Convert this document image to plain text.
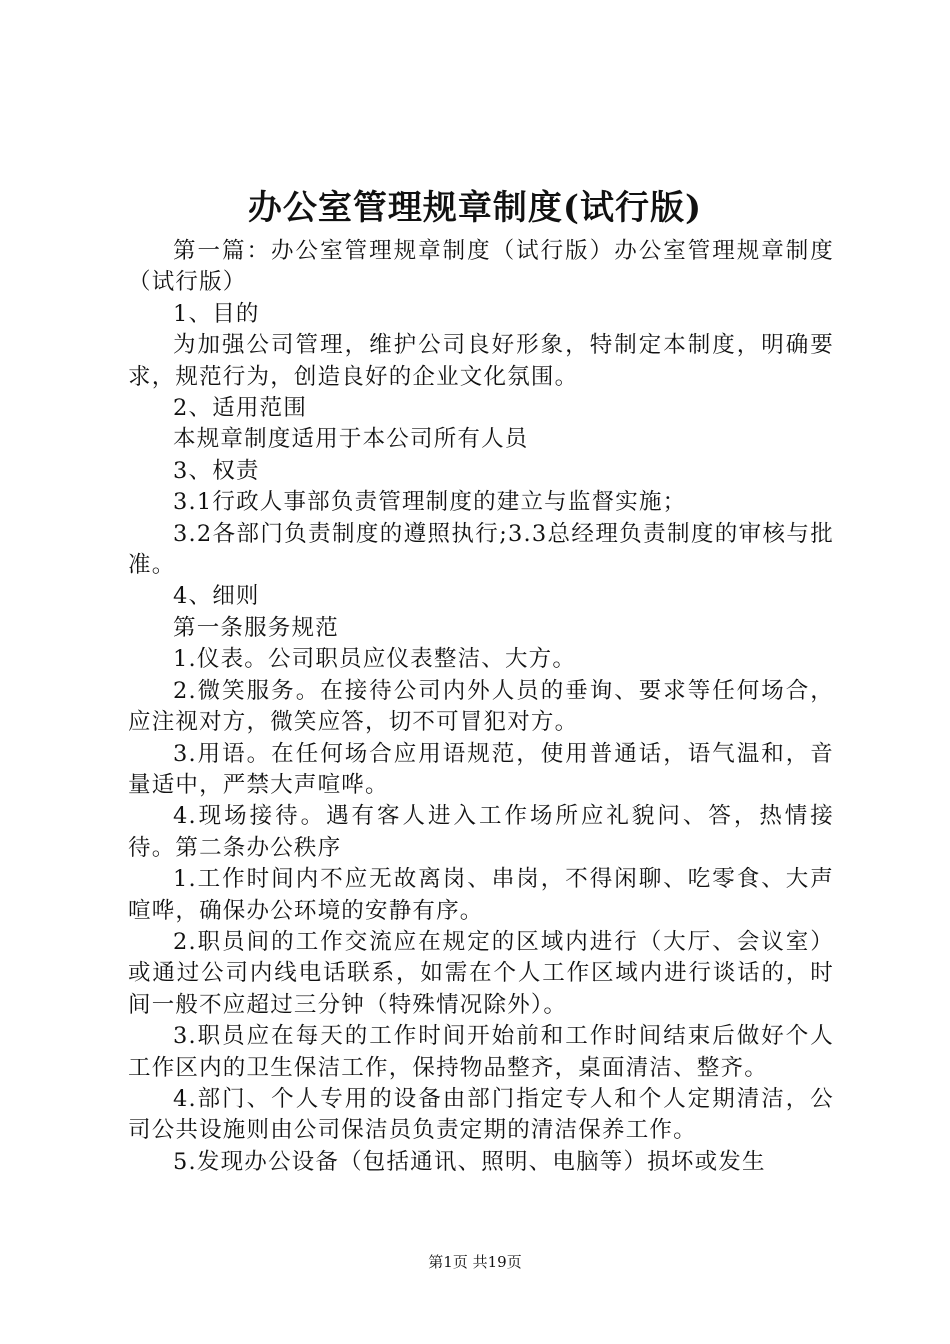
办公室管理规章制度(试行版)

第一篇：办公室管理规章制度（试行版）办公室管理规章制度（试行版）

1、目的

为加强公司管理，维护公司良好形象，特制定本制度，明确要求，规范行为，创造良好的企业文化氛围。

2、适用范围

本规章制度适用于本公司所有人员

3、权责

3.1行政人事部负责管理制度的建立与监督实施；

3.2各部门负责制度的遵照执行;3.3总经理负责制度的审核与批准。

4、细则

第一条服务规范

1.仪表。公司职员应仪表整洁、大方。

2.微笑服务。在接待公司内外人员的垂询、要求等任何场合，应注视对方，微笑应答，切不可冒犯对方。

3.用语。在任何场合应用语规范，使用普通话，语气温和，音量适中，严禁大声喧哗。

4.现场接待。遇有客人进入工作场所应礼貌问、答，热情接待。第二条办公秩序

1.工作时间内不应无故离岗、串岗，不得闲聊、吃零食、大声喧哗，确保办公环境的安静有序。

2.职员间的工作交流应在规定的区域内进行（大厅、会议室）或通过公司内线电话联系，如需在个人工作区域内进行谈话的，时间一般不应超过三分钟（特殊情况除外）。

3.职员应在每天的工作时间开始前和工作时间结束后做好个人工作区内的卫生保洁工作，保持物品整齐，桌面清洁、整齐。

4.部门、个人专用的设备由部门指定专人和个人定期清洁，公司公共设施则由公司保洁员负责定期的清洁保养工作。

5.发现办公设备（包括通讯、照明、电脑等）损坏或发生

第1页 共19页
